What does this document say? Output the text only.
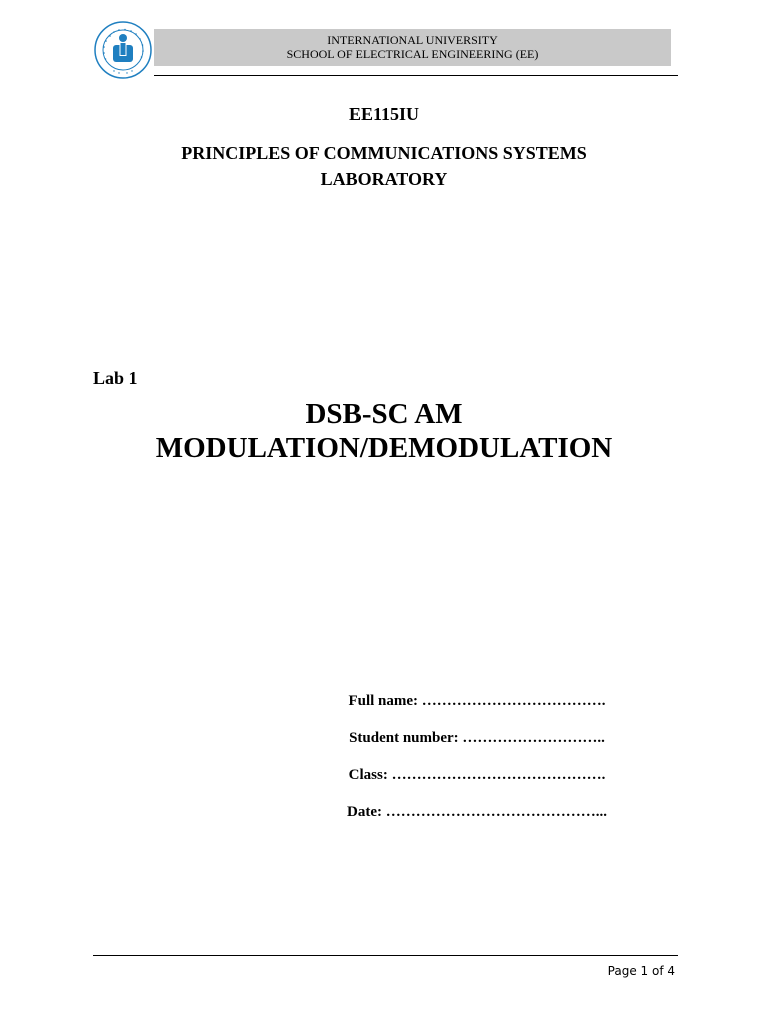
INTERNATIONAL UNIVERSITY
SCHOOL OF ELECTRICAL ENGINEERING (EE)
EE115IU
PRINCIPLES OF COMMUNICATIONS SYSTEMS
LABORATORY
Lab 1
DSB-SC AM
MODULATION/DEMODULATION
Full name: ……………………………….
Student number: ………………………..
Class: …………………………………….
Date: ……………………………………...
Page 1 of 4
